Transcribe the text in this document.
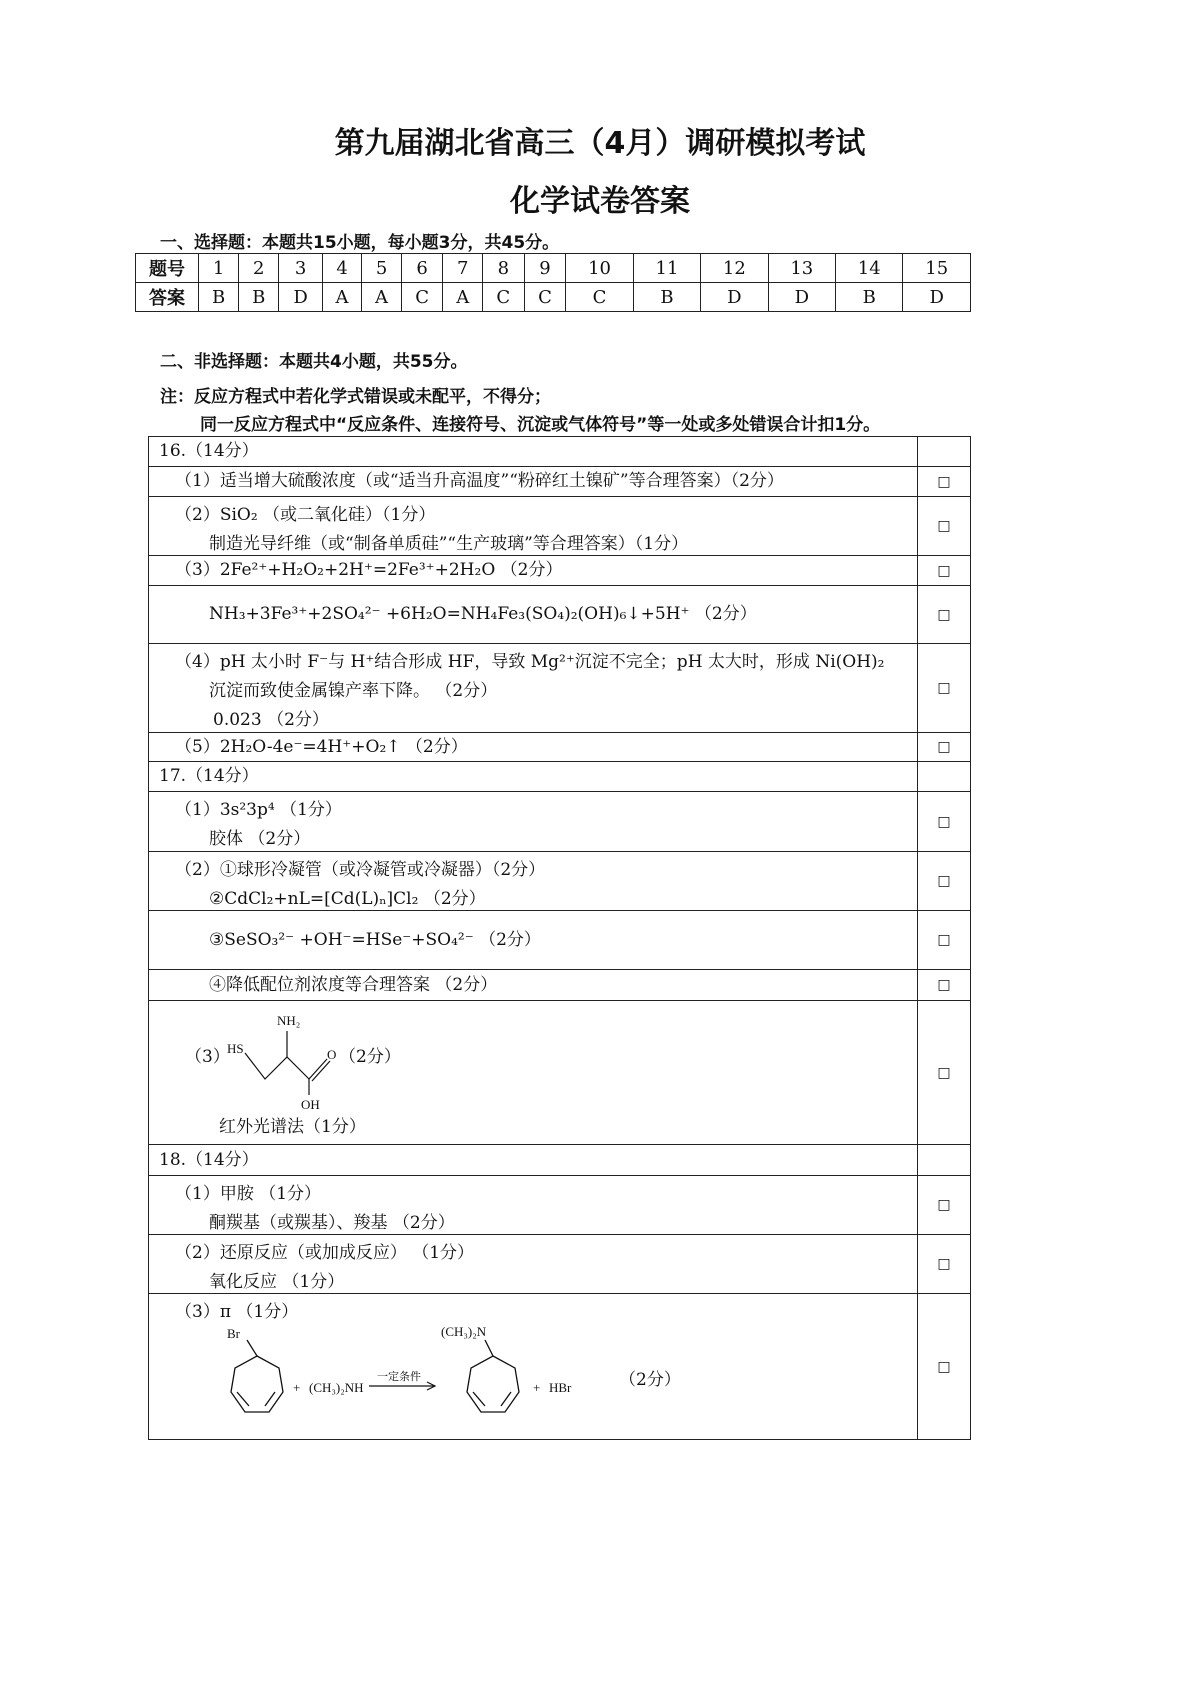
第九届湖北省高三（4月）调研模拟考试
化学试卷答案
一、选择题：本题共15小题，每小题3分，共45分。
题号	1	2	3	4	5	6	7	8	9	10	11	12	13	14	15
答案	B	B	D	A	A	C	A	C	C	C	B	D	D	B	D
二、非选择题：本题共4小题，共55分。
注：反应方程式中若化学式错误或未配平，不得分；
同一反应方程式中“反应条件、连接符号、沉淀或气体符号”等一处或多处错误合计扣1分。
16.（14分）
（1）适当增大硫酸浓度（或“适当升高温度”“粉碎红土镍矿”等合理答案）（2分）	□
（2）SiO₂ （或二氧化硅）（1分）
制造光导纤维（或“制备单质硅”“生产玻璃”等合理答案）（1分）
□
（3）2Fe²⁺+H₂O₂+2H⁺=2Fe³⁺+2H₂O （2分）	□
NH₃+3Fe³⁺+2SO₄²⁻ +6H₂O=NH₄Fe₃(SO₄)₂(OH)₆↓+5H⁺ （2分）	□
（4）pH 太小时 F⁻与 H⁺结合形成 HF，导致 Mg²⁺沉淀不完全；pH 太大时，形成 Ni(OH)₂
沉淀而致使金属镍产率下降。 （2分）
0.023 （2分）
□
（5）2H₂O-4e⁻=4H⁺+O₂↑ （2分）	□
17.（14分）
（1）3s²3p⁴ （1分）
胶体 （2分）
□
（2）①球形冷凝管（或冷凝管或冷凝器）（2分）
②CdCl₂+nL=[Cd(L)ₙ]Cl₂ （2分）
□
③SeSO₃²⁻ +OH⁻=HSe⁻+SO₄²⁻ （2分）	□
④降低配位剂浓度等合理答案 （2分）	□
（3）
NH₂
HS	O
OH
（2分）
红外光谱法（1分）
□
18.（14分）
（1）甲胺 （1分）
酮羰基（或羰基）、羧基 （2分）
□
（2）还原反应（或加成反应） （1分）
氧化反应 （1分）
□
（3）π （1分）
Br
+ (CH₃)₂NH
一定条件
(CH₃)₂N
+ HBr	（2分）
□
